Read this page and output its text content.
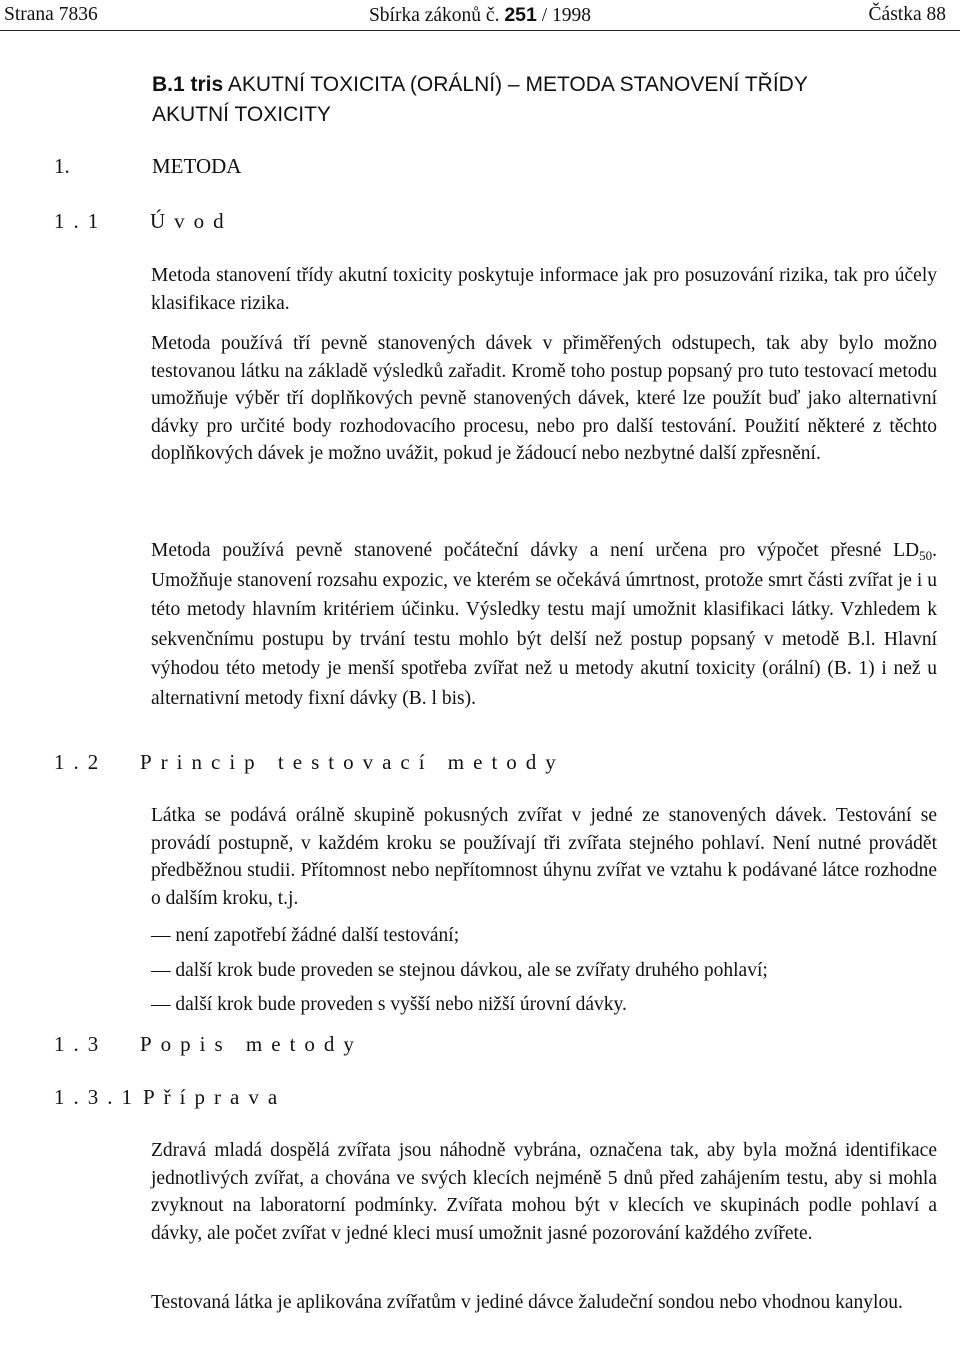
Strana 7836	Sbírka zákonů č. 251 / 1998	Částka 88
B.1 tris AKUTNÍ TOXICITA (ORÁLNÍ) – METODA STANOVENÍ TŘÍDY
AKUTNÍ TOXICITY
1.	METODA
1.1 Úvod

Metoda stanovení třídy akutní toxicity poskytuje informace jak pro posuzování rizika, tak pro účely klasifikace rizika.

Metoda používá tří pevně stanovených dávek v přiměřených odstupech, tak aby bylo možno testovanou látku na základě výsledků zařadit. Kromě toho postup popsaný pro tuto testovací metodu umožňuje výběr tří doplňkových pevně stanovených dávek, které lze použít buď jako alternativní dávky pro určité body rozhodovacího procesu, nebo pro další testování. Použití některé z těchto doplňkových dávek je možno uvážit, pokud je žádoucí nebo nezbytné další zpřesnění.

Metoda používá pevně stanovené počáteční dávky a není určena pro výpočet přesné $LD_{50}$. Umožňuje stanovení rozsahu expozic, ve kterém se očekává úmrtnost, protože smrt části zvířat je i u této metody hlavním kritériem účinku. Výsledky testu mají umožnit klasifikaci látky. Vzhledem k sekvenčnímu postupu by trvání testu mohlo být delší než postup popsaný v metodě B.l. Hlavní výhodou této metody je menší spotřeba zvířat než u metody akutní toxicity (orální) (B. 1) i než u alternativní metody fixní dávky (B. l bis).

1.2 Princip testovací metody

Látka se podává orálně skupině pokusných zvířat v jedné ze stanovených dávek. Testování se provádí postupně, v každém kroku se používají tři zvířata stejného pohlaví. Není nutné provádět předběžnou studii. Přítomnost nebo nepřítomnost úhynu zvířat ve vztahu k podávané látce rozhodne o dalším kroku, t.j.

— není zapotřebí žádné další testování;
— další krok bude proveden se stejnou dávkou, ale se zvířaty druhého pohlaví;
— další krok bude proveden s vyšší nebo nižší úrovní dávky.
1.3 Popis metody
1.3.1 Příprava

Zdravá mladá dospělá zvířata jsou náhodně vybrána, označena tak, aby byla možná identifikace jednotlivých zvířat, a chována ve svých klecích nejméně 5 dnů před zahájením testu, aby si mohla zvyknout na laboratorní podmínky. Zvířata mohou být v klecích ve skupinách podle pohlaví a dávky, ale počet zvířat v jedné kleci musí umožnit jasné pozorování každého zvířete.

Testovaná látka je aplikována zvířatům v jediné dávce žaludeční sondou nebo vhodnou kanylou.
